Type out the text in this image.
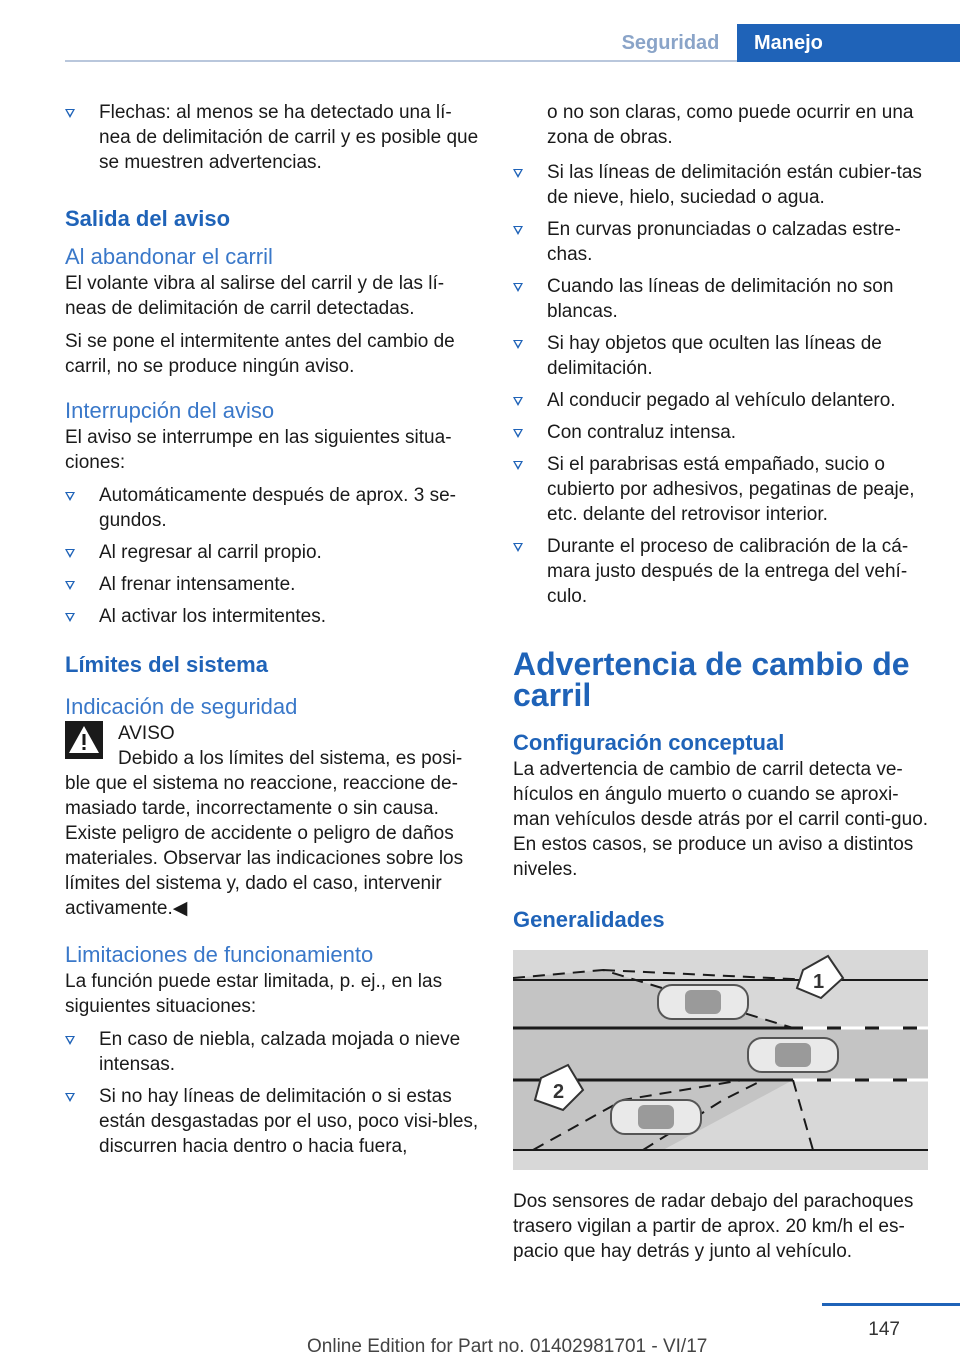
Seguridad	Manejo
Flechas: al menos se ha detectado una lí-nea de delimitación de carril y es posible que se muestren advertencias.
Salida del aviso
Al abandonar el carril

El volante vibra al salirse del carril y de las lí-neas de delimitación de carril detectadas.

Si se pone el intermitente antes del cambio de carril, no se produce ningún aviso.

Interrupción del aviso

El aviso se interrumpe en las siguientes situa-ciones:

Automáticamente después de aprox. 3 se-gundos.
Al regresar al carril propio.
Al frenar intensamente.
Al activar los intermitentes.
Límites del sistema
Indicación de seguridad
AVISO
Debido a los límites del sistema, es posi-ble que el sistema no reaccione, reaccione de-masiado tarde, incorrectamente o sin causa. Existe peligro de accidente o peligro de daños materiales. Observar las indicaciones sobre los límites del sistema y, dado el caso, intervenir activamente.◀
Limitaciones de funcionamiento

La función puede estar limitada, p. ej., en las siguientes situaciones:

En caso de niebla, calzada mojada o nieve intensas.
Si no hay líneas de delimitación o si estas están desgastadas por el uso, poco visi-bles, discurren hacia dentro o hacia fuera,
o no son claras, como puede ocurrir en una zona de obras.
Si las líneas de delimitación están cubier-tas de nieve, hielo, suciedad o agua.
En curvas pronunciadas o calzadas estre-chas.
Cuando las líneas de delimitación no son blancas.
Si hay objetos que oculten las líneas de delimitación.
Al conducir pegado al vehículo delantero.
Con contraluz intensa.
Si el parabrisas está empañado, sucio o cubierto por adhesivos, pegatinas de peaje, etc. delante del retrovisor interior.
Durante el proceso de calibración de la cá-mara justo después de la entrega del vehí-culo.
Advertencia de cambio de carril
Configuración conceptual

La advertencia de cambio de carril detecta ve-hículos en ángulo muerto o cuando se aproxi-man vehículos desde atrás por el carril conti-guo. En estos casos, se produce un aviso a distintos niveles.

Generalidades
1
2

Dos sensores de radar debajo del parachoques trasero vigilan a partir de aprox. 20 km/h el es-pacio que hay detrás y junto al vehículo.

147
Online Edition for Part no. 01402981701 - VI/17
